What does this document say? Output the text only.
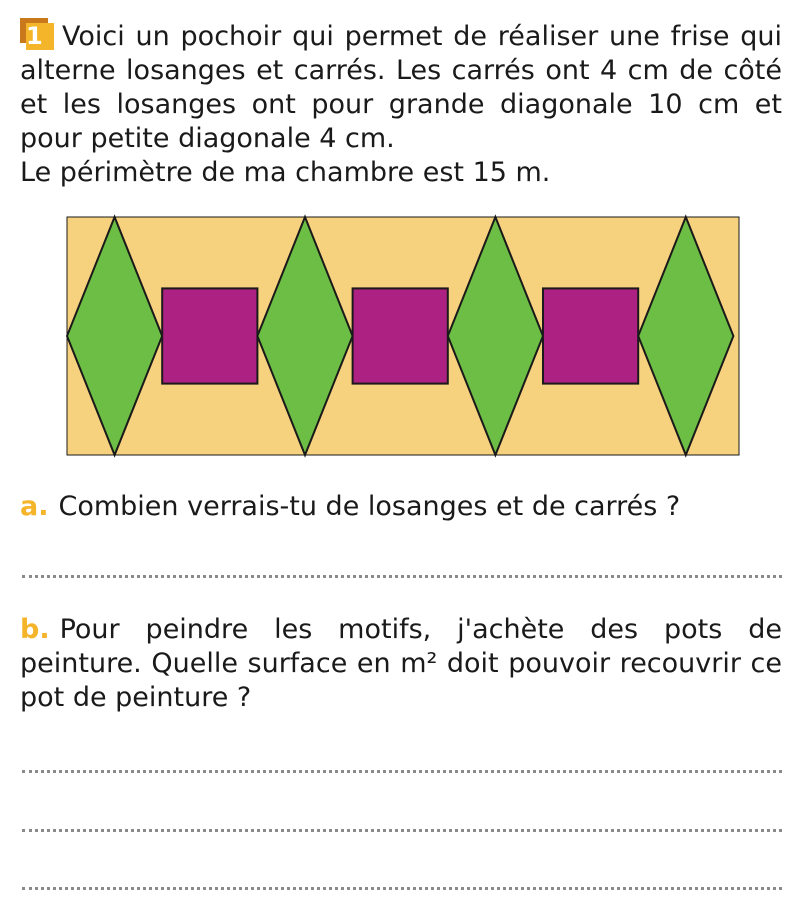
1 Voici un pochoir qui permet de réaliser une frise qui alterne losanges et carrés. Les carrés ont 4 cm de côté et les losanges ont pour grande diagonale 10 cm et pour petite diagonale 4 cm.
Le périmètre de ma chambre est 15 m.

a. Combien verrais-tu de losanges et de carrés ?

b. Pour peindre les motifs, j'achète des pots de peinture. Quelle surface en m² doit pouvoir recouvrir ce pot de peinture ?
